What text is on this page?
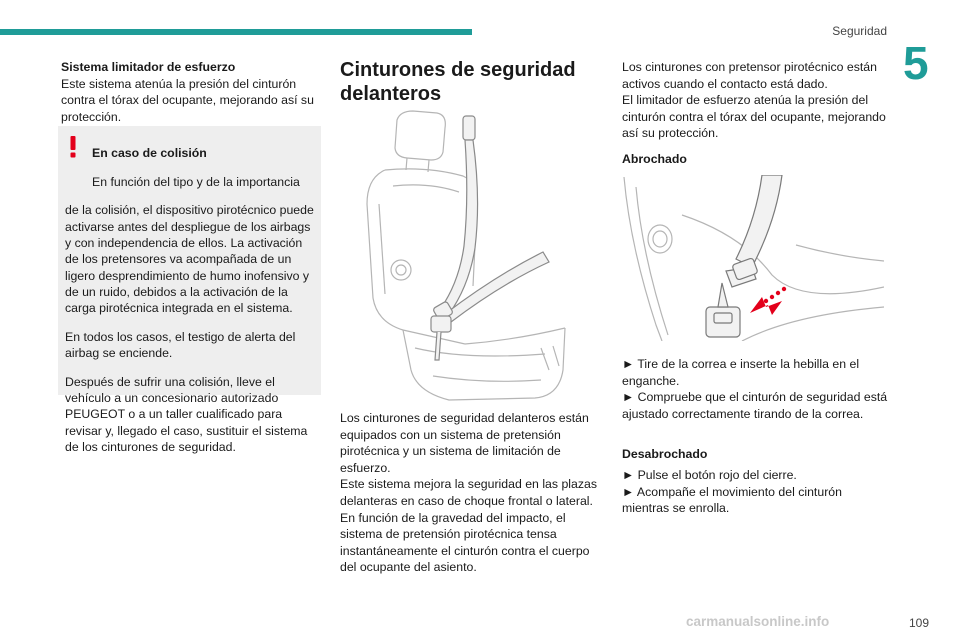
Seguridad
5

Sistema limitador de esfuerzo

Este sistema atenúa la presión del cinturón contra el tórax del ocupante, mejorando así su protección.

En caso de colisión

En función del tipo y de la importancia

de la colisión, el dispositivo pirotécnico puede activarse antes del despliegue de los airbags y con independencia de ellos. La activación de los pretensores va acompañada de un ligero desprendimiento de humo inofensivo y de un ruido, debidos a la activación de la carga pirotécnica integrada en el sistema.

En todos los casos, el testigo de alerta del airbag se enciende.

Después de sufrir una colisión, lleve el vehículo a un concesionario autorizado PEUGEOT o a un taller cualificado para revisar y, llegado el caso, sustituir el sistema de los cinturones de seguridad.

Cinturones de seguridad delanteros

Los cinturones de seguridad delanteros están equipados con un sistema de pretensión pirotécnica y un sistema de limitación de esfuerzo.

Este sistema mejora la seguridad en las plazas delanteras en caso de choque frontal o lateral.

En función de la gravedad del impacto, el sistema de pretensión pirotécnica tensa instantáneamente el cinturón contra el cuerpo del ocupante del asiento.

Los cinturones con pretensor pirotécnico están activos cuando el contacto está dado.

El limitador de esfuerzo atenúa la presión del cinturón contra el tórax del ocupante, mejorando así su protección.

Abrochado

► Tire de la correa e inserte la hebilla en el enganche.

► Compruebe que el cinturón de seguridad está ajustado correctamente tirando de la correa.

Desabrochado

► Pulse el botón rojo del cierre.

► Acompañe el movimiento del cinturón mientras se enrolla.

carmanualsonline.info	109
